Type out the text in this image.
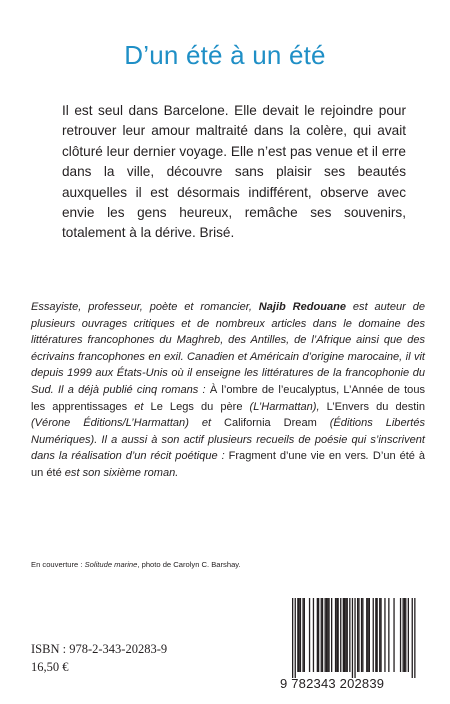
D’un été à un été
Il est seul dans Barcelone. Elle devait le rejoindre pour retrouver leur amour maltraité dans la colère, qui avait clôturé leur dernier voyage. Elle n’est pas venue et il erre dans la ville, découvre sans plaisir ses beautés auxquelles il est désormais indifférent, observe avec envie les gens heureux, remâche ses souvenirs, totalement à la dérive. Brisé.
Essayiste, professeur, poète et romancier, Najib Redouane est auteur de plusieurs ouvrages critiques et de nombreux articles dans le domaine des littératures francophones du Maghreb, des Antilles, de l’Afrique ainsi que des écrivains francophones en exil. Canadien et Américain d’origine marocaine, il vit depuis 1999 aux États-Unis où il enseigne les littératures de la francophonie du Sud. Il a déjà publié cinq romans : À l’ombre de l’eucalyptus, L’Année de tous les apprentissages et Le Legs du père (L’Harmattan), L’Envers du destin (Vérone Éditions/L’Harmattan) et California Dream (Éditions Libertés Numériques). Il a aussi à son actif plusieurs recueils de poésie qui s’inscrivent dans la réalisation d’un récit poétique : Fragment d’une vie en vers. D’un été à un été est son sixième roman.
En couverture : Solitude marine, photo de Carolyn C. Barshay.
ISBN : 978-2-343-20283-9
16,50 €
9 782343 202839
